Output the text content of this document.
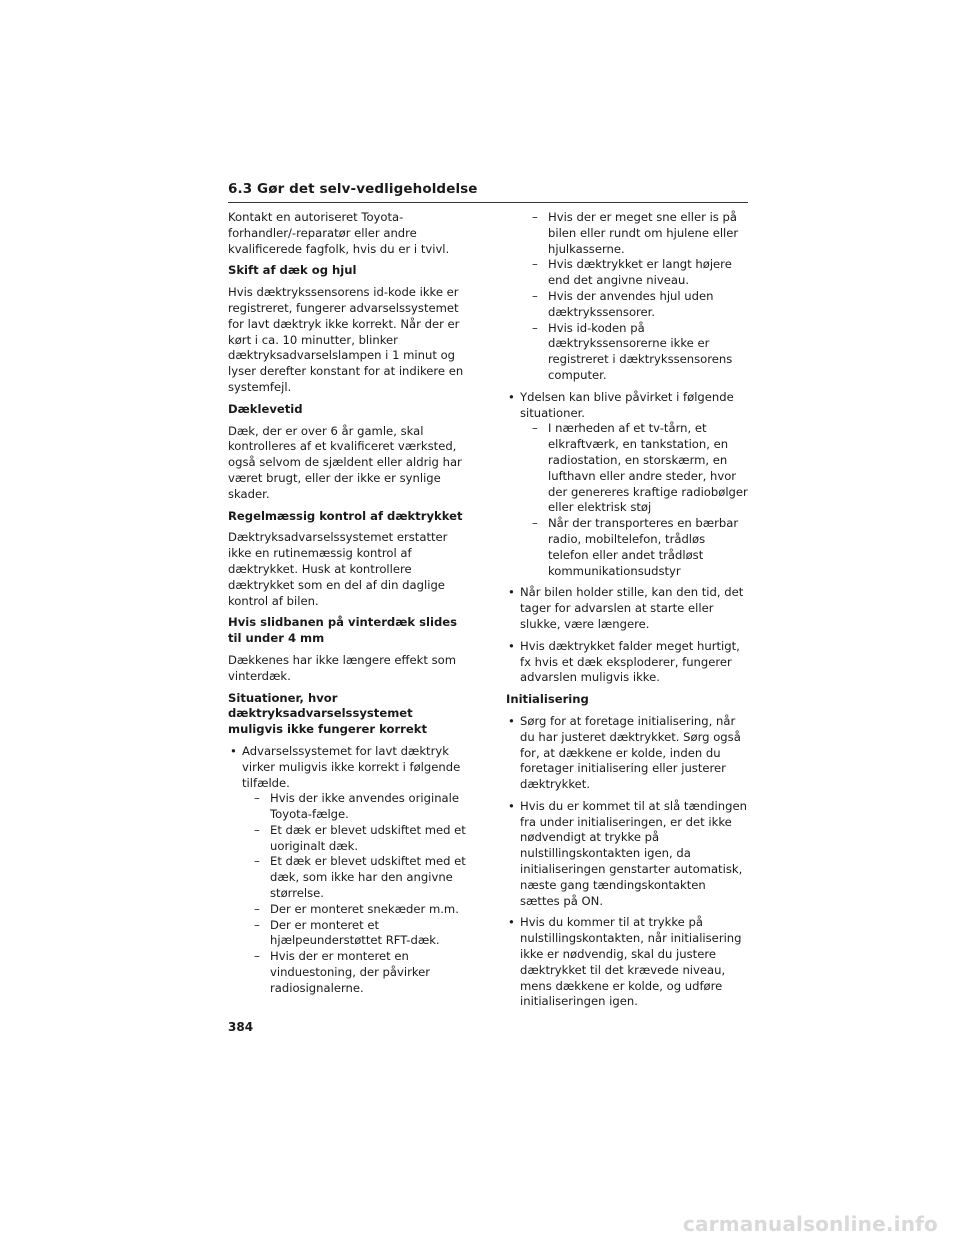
6.3 Gør det selv-vedligeholdelse

Kontakt en autoriseret Toyota-forhandler/-reparatør eller andre kvalificerede fagfolk, hvis du er i tvivl.

Skift af dæk og hjul

Hvis dæktrykssensorens id-kode ikke er registreret, fungerer advarselssystemet for lavt dæktryk ikke korrekt. Når der er kørt i ca. 10 minutter, blinker dæktryksadvarselslampen i 1 minut og lyser derefter konstant for at indikere en systemfejl.

Dæklevetid

Dæk, der er over 6 år gamle, skal kontrolleres af et kvalificeret værksted, også selvom de sjældent eller aldrig har været brugt, eller der ikke er synlige skader.

Regelmæssig kontrol af dæktrykket

Dæktryksadvarselssystemet erstatter ikke en rutinemæssig kontrol af dæktrykket. Husk at kontrollere dæktrykket som en del af din daglige kontrol af bilen.

Hvis slidbanen på vinterdæk slides til under 4 mm

Dækkenes har ikke længere effekt som vinterdæk.

Situationer, hvor dæktryksadvarselssystemet muligvis ikke fungerer korrekt

• Advarselssystemet for lavt dæktryk virker muligvis ikke korrekt i følgende tilfælde.
– Hvis der ikke anvendes originale Toyota-fælge.
– Et dæk er blevet udskiftet med et uoriginalt dæk.
– Et dæk er blevet udskiftet med et dæk, som ikke har den angivne størrelse.
– Der er monteret snekæder m.m.
– Der er monteret et hjælpeunderstøttet RFT-dæk.
– Hvis der er monteret en vinduestoning, der påvirker radiosignalerne.
– Hvis der er meget sne eller is på bilen eller rundt om hjulene eller hjulkasserne.
– Hvis dæktrykket er langt højere end det angivne niveau.
– Hvis der anvendes hjul uden dæktrykssensorer.
– Hvis id-koden på dæktrykssensorerne ikke er registreret i dæktrykssensorens computer.
• Ydelsen kan blive påvirket i følgende situationer.
– I nærheden af et tv-tårn, et elkraftværk, en tankstation, en radiostation, en storskærm, en lufthavn eller andre steder, hvor der genereres kraftige radiobølger eller elektrisk støj
– Når der transporteres en bærbar radio, mobiltelefon, trådløs telefon eller andet trådløst kommunikationsudstyr
• Når bilen holder stille, kan den tid, det tager for advarslen at starte eller slukke, være længere.
• Hvis dæktrykket falder meget hurtigt, fx hvis et dæk eksploderer, fungerer advarslen muligvis ikke.

Initialisering

• Sørg for at foretage initialisering, når du har justeret dæktrykket. Sørg også for, at dækkene er kolde, inden du foretager initialisering eller justerer dæktrykket.
• Hvis du er kommet til at slå tændingen fra under initialiseringen, er det ikke nødvendigt at trykke på nulstillingskontakten igen, da initialiseringen genstarter automatisk, næste gang tændingskontakten sættes på ON.
• Hvis du kommer til at trykke på nulstillingskontakten, når initialisering ikke er nødvendig, skal du justere dæktrykket til det krævede niveau, mens dækkene er kolde, og udføre initialiseringen igen.
384
carmanualsonline.info
